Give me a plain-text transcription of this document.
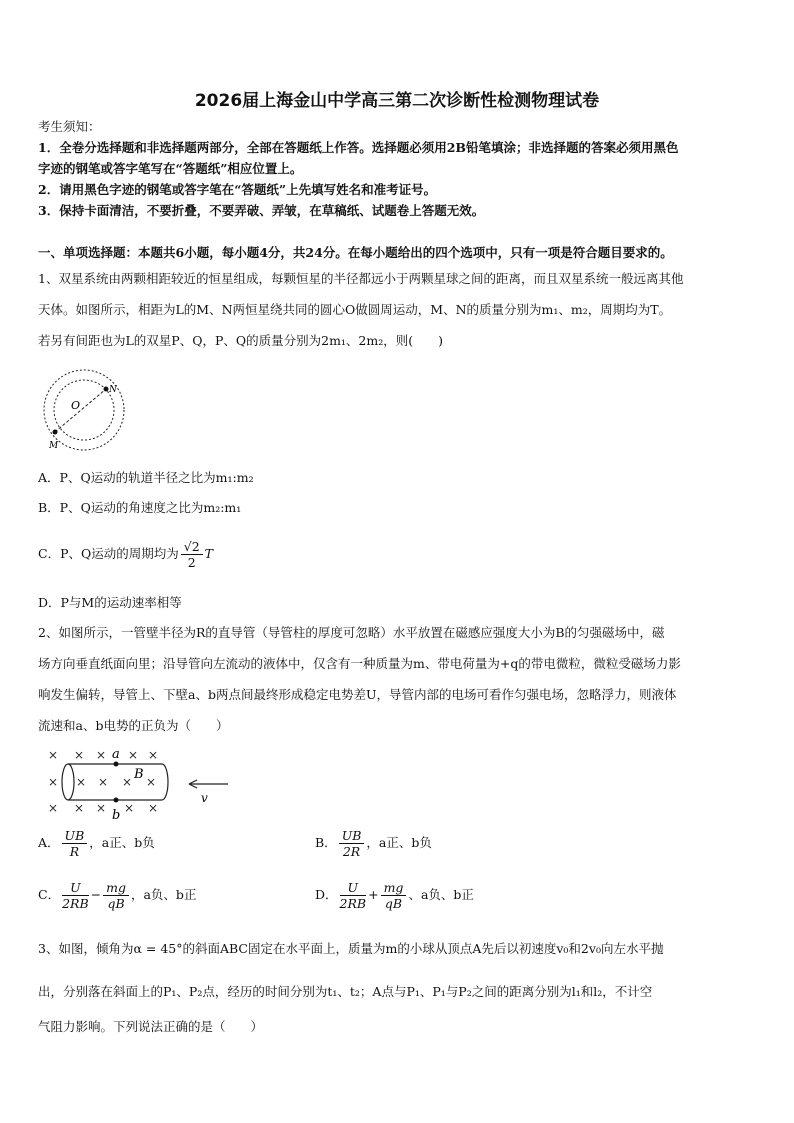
2026届上海金山中学高三第二次诊断性检测物理试卷
考生须知：
1．全卷分选择题和非选择题两部分，全部在答题纸上作答。选择题必须用2B铅笔填涂；非选择题的答案必须用黑色
字迹的钢笔或答字笔写在“答题纸”相应位置上。
2．请用黑色字迹的钢笔或答字笔在“答题纸”上先填写姓名和准考证号。
3．保持卡面清洁，不要折叠，不要弄破、弄皱，在草稿纸、试题卷上答题无效。
一、单项选择题：本题共6小题，每小题4分，共24分。在每小题给出的四个选项中，只有一项是符合题目要求的。
1、双星系统由两颗相距较近的恒星组成，每颗恒星的半径都远小于两颗星球之间的距离，而且双星系统一般远离其他
天体。如图所示，相距为L的M、N两恒星绕共同的圆心O做圆周运动，M、N的质量分别为m₁、m₂，周期均为T。
若另有间距也为L的双星P、Q，P、Q的质量分别为2m₁、2m₂，则(　　)
O
M
N
A．P、Q运动的轨道半径之比为m₁:m₂
B．P、Q运动的角速度之比为m₂:m₁
C．P、Q运动的周期均为 $\frac{√2}{2}$ T
D．P与M的运动速率相等
2、如图所示，一管壁半径为R的直导管（导管柱的厚度可忽略）水平放置在磁感应强度大小为B的匀强磁场中，磁
场方向垂直纸面向里；沿导管向左流动的液体中，仅含有一种质量为m、带电荷量为+q的带电微粒，微粒受磁场力影
响发生偏转，导管上、下壁a、b两点间最终形成稳定电势差U，导管内部的电场可看作匀强电场，忽略浮力，则液体
流速和a、b电势的正负为（　　）
× × × × ×
× × × × ×
× × × × ×
a
b
B
v
A． $\frac{UB}{R}$ ，a正、b负	B． $\frac{UB}{2R}$ ，a正、b负
C． $\frac{U}{2RB} - \frac{mg}{qB}$ ，a负、b正	D． $\frac{U}{2RB} + \frac{mg}{qB}$ 、a负、b正
3、如图，倾角为α = 45°的斜面ABC固定在水平面上，质量为m的小球从顶点A先后以初速度v₀和2v₀向左水平抛
出，分别落在斜面上的P₁、P₂点，经历的时间分别为t₁、t₂；A点与P₁、P₁与P₂之间的距离分别为l₁和l₂，不计空
气阻力影响。下列说法正确的是（　　）
